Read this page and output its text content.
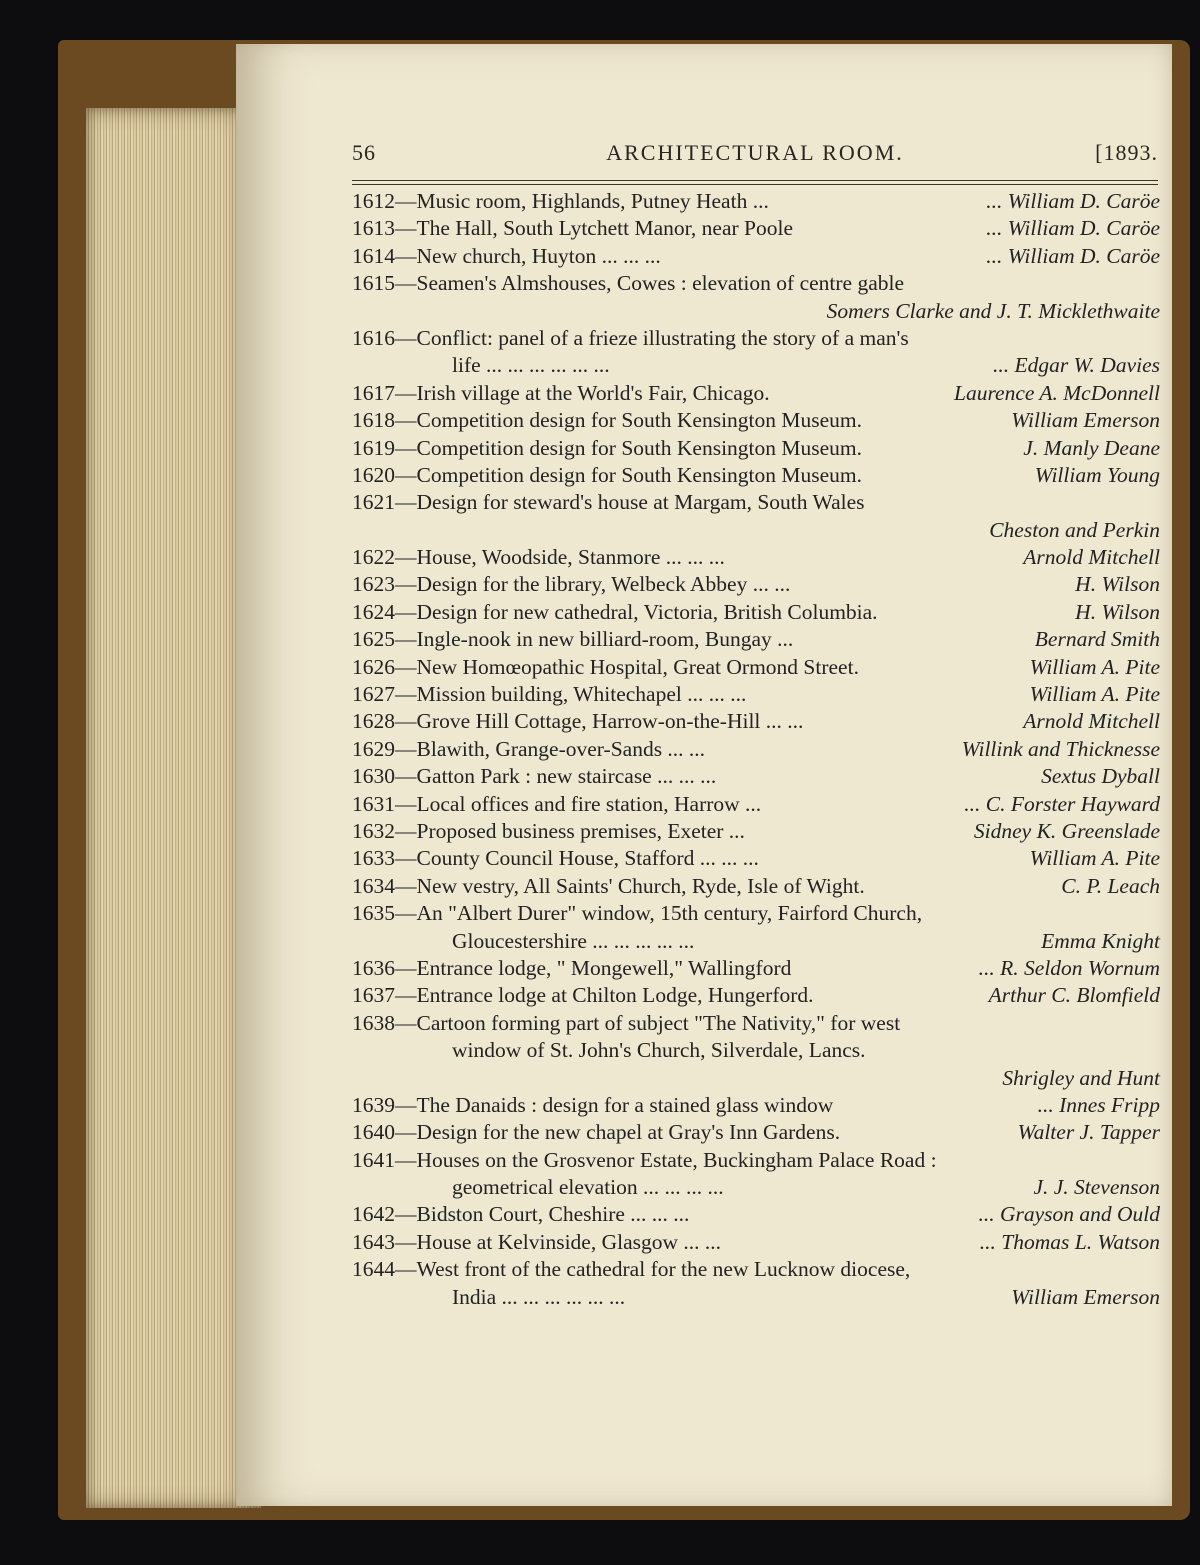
56	ARCHITECTURAL ROOM.	[1893.
1612—Music room, Highlands, Putney Heath ...	... William D. Caröe
1613—The Hall, South Lytchett Manor, near Poole	... William D. Caröe
1614—New church, Huyton ... ... ...	... William D. Caröe
1615—Seamen's Almshouses, Cowes : elevation of centre gable
Somers Clarke and J. T. Micklethwaite
1616—Conflict: panel of a frieze illustrating the story of a man's
life ... ... ... ... ... ...	... Edgar W. Davies
1617—Irish village at the World's Fair, Chicago.	Laurence A. McDonnell
1618—Competition design for South Kensington Museum.	William Emerson
1619—Competition design for South Kensington Museum.	J. Manly Deane
1620—Competition design for South Kensington Museum.	William Young
1621—Design for steward's house at Margam, South Wales
Cheston and Perkin
1622—House, Woodside, Stanmore ... ... ...	Arnold Mitchell
1623—Design for the library, Welbeck Abbey ... ...	H. Wilson
1624—Design for new cathedral, Victoria, British Columbia.	H. Wilson
1625—Ingle-nook in new billiard-room, Bungay ...	Bernard Smith
1626—New Homœopathic Hospital, Great Ormond Street.	William A. Pite
1627—Mission building, Whitechapel ... ... ...	William A. Pite
1628—Grove Hill Cottage, Harrow-on-the-Hill ... ...	Arnold Mitchell
1629—Blawith, Grange-over-Sands ... ...	Willink and Thicknesse
1630—Gatton Park : new staircase ... ... ...	Sextus Dyball
1631—Local offices and fire station, Harrow ...	... C. Forster Hayward
1632—Proposed business premises, Exeter ...	Sidney K. Greenslade
1633—County Council House, Stafford ... ... ...	William A. Pite
1634—New vestry, All Saints' Church, Ryde, Isle of Wight.	C. P. Leach
1635—An "Albert Durer" window, 15th century, Fairford Church,
Gloucestershire ... ... ... ... ...	Emma Knight
1636—Entrance lodge, " Mongewell," Wallingford	... R. Seldon Wornum
1637—Entrance lodge at Chilton Lodge, Hungerford.	Arthur C. Blomfield
1638—Cartoon forming part of subject "The Nativity," for west
window of St. John's Church, Silverdale, Lancs.
Shrigley and Hunt
1639—The Danaids : design for a stained glass window	... Innes Fripp
1640—Design for the new chapel at Gray's Inn Gardens.	Walter J. Tapper
1641—Houses on the Grosvenor Estate, Buckingham Palace Road :
geometrical elevation ... ... ... ...	J. J. Stevenson
1642—Bidston Court, Cheshire ... ... ...	... Grayson and Ould
1643—House at Kelvinside, Glasgow ... ...	... Thomas L. Watson
1644—West front of the cathedral for the new Lucknow diocese,
India ... ... ... ... ... ...	William Emerson
